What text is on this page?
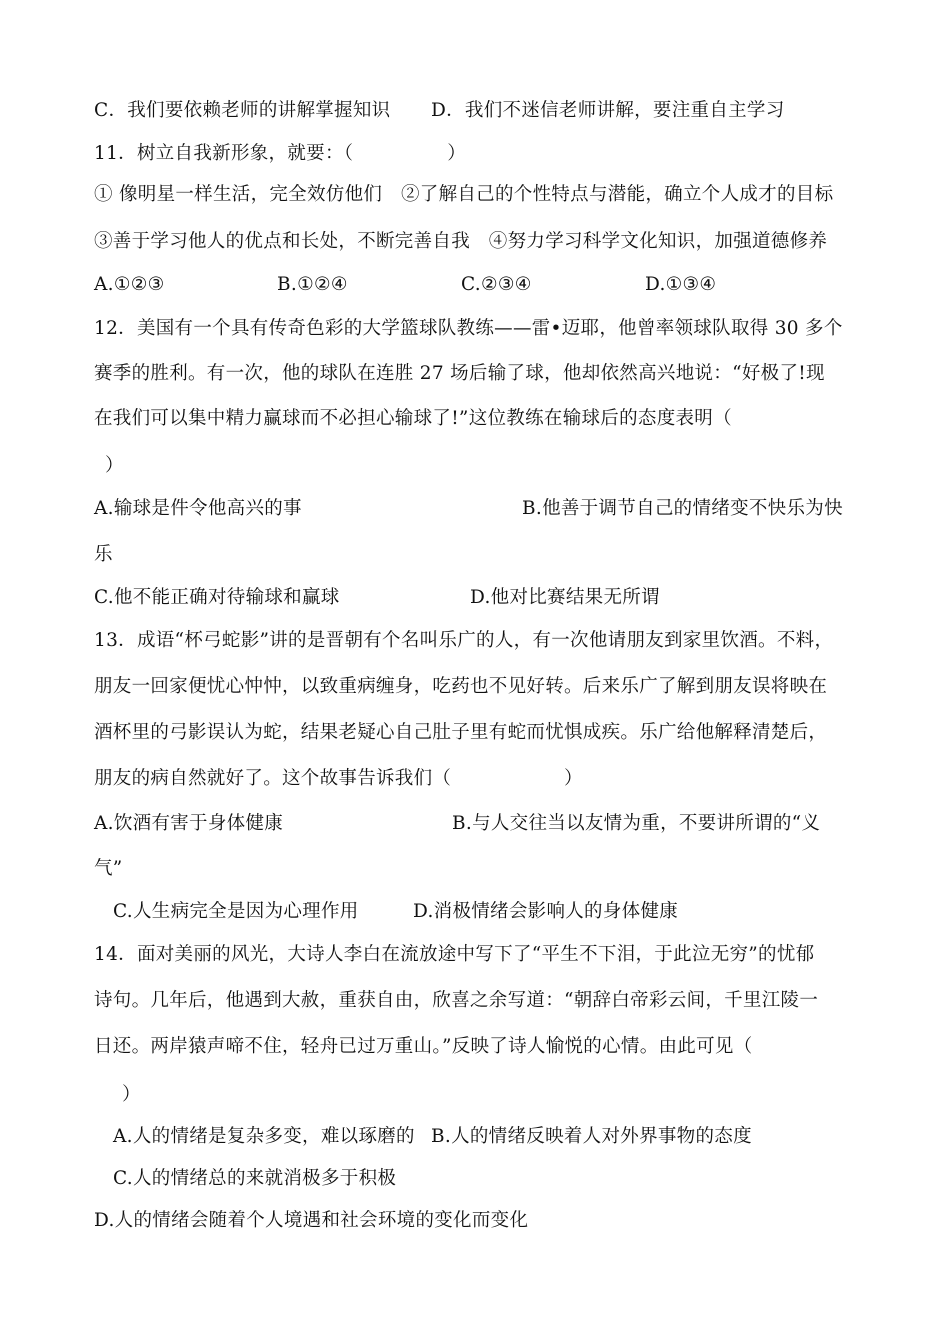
C．我们要依赖老师的讲解掌握知识 D．我们不迷信老师讲解，要注重自主学习
11．树立自我新形象，就要：（　　　　　）
① 像明星一样生活，完全效仿他们　②了解自己的个性特点与潜能，确立个人成才的目标
③善于学习他人的优点和长处，不断完善自我　④努力学习科学文化知识，加强道德修养
A.①②③	B.①②④	C.②③④	D.①③④
12．美国有一个具有传奇色彩的大学篮球队教练——雷•迈耶，他曾率领球队取得 30 多个
赛季的胜利。有一次，他的球队在连胜 27 场后输了球，他却依然高兴地说：“好极了!现
在我们可以集中精力赢球而不必担心输球了!”这位教练在输球后的态度表明（
）
A.输球是件令他高兴的事	B.他善于调节自己的情绪变不快乐为快
乐
C.他不能正确对待输球和赢球	D.他对比赛结果无所谓
13．成语“杯弓蛇影”讲的是晋朝有个名叫乐广的人，有一次他请朋友到家里饮酒。不料，
朋友一回家便忧心忡忡，以致重病缠身，吃药也不见好转。后来乐广了解到朋友误将映在
酒杯里的弓影误认为蛇，结果老疑心自己肚子里有蛇而忧惧成疾。乐广给他解释清楚后，
朋友的病自然就好了。这个故事告诉我们（　　　　　　）
A.饮酒有害于身体健康	B.与人交往当以友情为重，不要讲所谓的“义
气”
C.人生病完全是因为心理作用	D.消极情绪会影响人的身体健康
14．面对美丽的风光，大诗人李白在流放途中写下了“平生不下泪，于此泣无穷”的忧郁
诗句。几年后，他遇到大赦，重获自由，欣喜之余写道：“朝辞白帝彩云间，千里江陵一
日还。两岸猿声啼不住，轻舟已过万重山。”反映了诗人愉悦的心情。由此可见（
）
A.人的情绪是复杂多变，难以琢磨的 B.人的情绪反映着人对外界事物的态度
C.人的情绪总的来就消极多于积极
D.人的情绪会随着个人境遇和社会环境的变化而变化
